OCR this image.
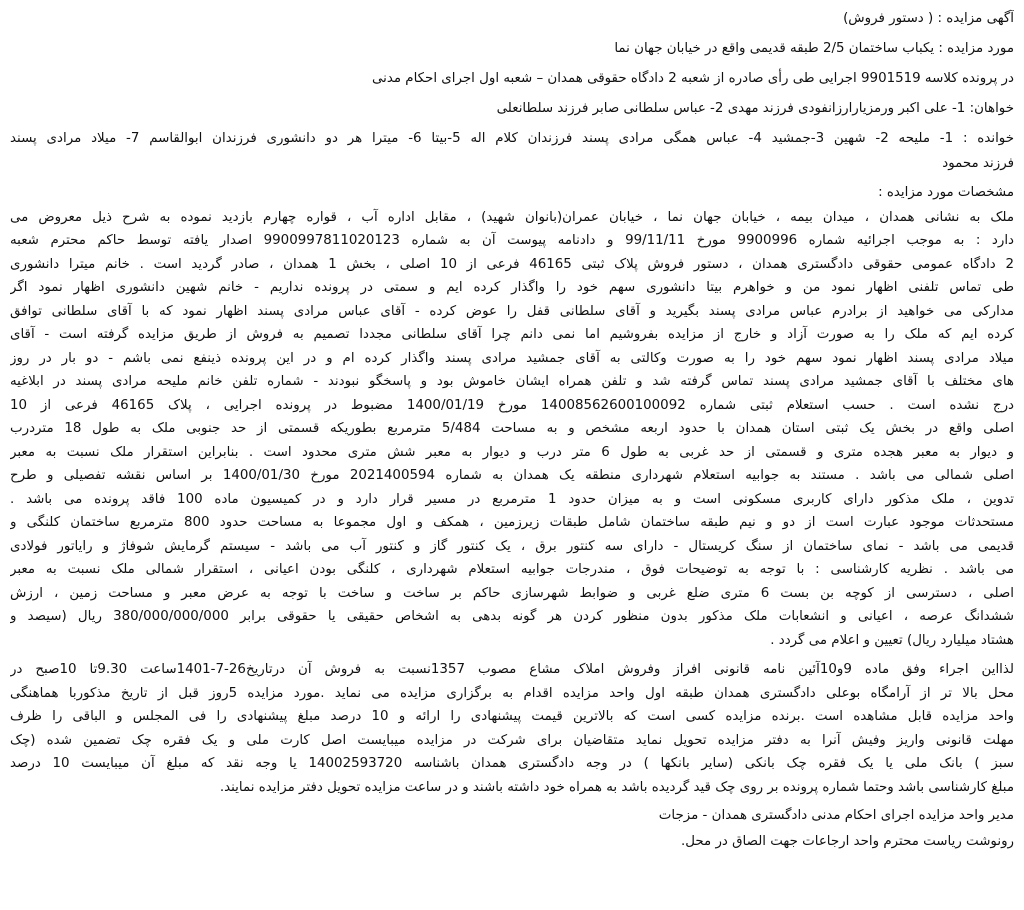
آگهی مزایده : ( دستور فروش)
مورد مزایده : یکباب ساختمان 2/5 طبقه قدیمی واقع در خیابان جهان نما
در پرونده کلاسه 9901519 اجرایی طی رأی صادره از شعبه 2 دادگاه حقوقی همدان – شعبه اول اجرای احکام مدنی
خواهان: 1- علی اکبر ورمزیارارزانفودی فرزند مهدی 2- عباس سلطانی صابر فرزند سلطانعلی
خوانده : 1- ملیحه 2- شهین 3-جمشید 4- عباس همگی مرادی پسند فرزندان کلام اله 5-بیتا 6- میترا هر دو دانشوری فرزندان ابوالقاسم 7- میلاد مرادی پسند
فرزند محمود
مشخصات مورد مزایده :
ملک به نشانی همدان ، میدان بیمه ، خیابان جهان نما ، خیابان عمران(بانوان شهید) ، مقابل اداره آب ، قواره چهارم بازدید نموده به شرح ذیل معروض می
دارد : به موجب اجرائیه شماره 9900996 مورخ 99/11/11 و دادنامه پیوست آن به شماره 9900997811020123 اصدار یافته توسط حاکم محترم شعبه
2 دادگاه عمومی حقوقی دادگستری همدان ، دستور فروش پلاک ثبتی 46165 فرعی از 10 اصلی ، بخش 1 همدان ، صادر گردید است . خانم میترا دانشوری
طی تماس تلفنی اظهار نمود من و خواهرم بیتا دانشوری سهم خود را واگذار کرده ایم و سمتی در پرونده نداریم - خانم شهین دانشوری اظهار نمود اگر
مدارکی می خواهید از برادرم عباس مرادی پسند بگیرید و آقای سلطانی قفل را عوض کرده - آقای عباس مرادی پسند اظهار نمود که با آقای سلطانی توافق
کرده ایم که ملک را به صورت آزاد و خارج از مزایده بفروشیم اما نمی دانم چرا آقای سلطانی مجددا تصمیم به فروش از طریق مزایده گرفته است - آقای
میلاد مرادی پسند اظهار نمود سهم خود را به صورت وکالتی به آقای جمشید مرادی پسند واگذار کرده ام و در این پرونده ذینفع نمی باشم - دو بار در روز
های مختلف با آقای جمشید مرادی پسند تماس گرفته شد و تلفن همراه ایشان خاموش بود و پاسخگو نبودند - شماره تلفن خانم ملیحه مرادی پسند در ابلاغیه
درج نشده است . حسب استعلام ثبتی شماره 14008562600100092 مورخ 1400/01/19 مضبوط در پرونده اجرایی ، پلاک 46165 فرعی از 10
اصلی واقع در بخش یک ثبتی استان همدان با حدود اربعه مشخص و به مساحت 5/484 مترمربع بطوریکه قسمتی از حد جنوبی ملک به طول 18 متردرب
و دیوار به معبر هجده متری و قسمتی از حد غربی به طول 6 متر درب و دیوار به معبر شش متری محدود است . بنابراین استقرار ملک نسبت به معبر
اصلی شمالی می باشد . مستند به جوابیه استعلام شهرداری منطقه یک همدان به شماره 2021400594 مورخ 1400/01/30 بر اساس نقشه تفصیلی و طرح
تدوین ، ملک مذکور دارای کاربری مسکونی است و به میزان حدود 1 مترمربع در مسیر قرار دارد و در کمیسیون ماده 100 فاقد پرونده می باشد .
مستحدثات موجود عبارت است از دو و نیم طبقه ساختمان شامل طبقات زیرزمین ، همکف و اول مجموعا به مساحت حدود 800 مترمربع ساختمان کلنگی و
قدیمی می باشد - نمای ساختمان از سنگ کریستال - دارای سه کنتور برق ، یک کنتور گاز و کنتور آب می باشد - سیستم گرمایش شوفاژ و رایاتور فولادی
می باشد . نظریه کارشناسی : با توجه به توضیحات فوق ، مندرجات جوابیه استعلام شهرداری ، کلنگی بودن اعیانی ، استقرار شمالی ملک نسبت به معبر
اصلی ، دسترسی از کوچه بن بست 6 متری ضلع غربی و ضوابط شهرسازی حاکم بر ساخت و ساخت با توجه به عرض معبر و مساحت زمین ، ارزش
ششدانگ عرصه ، اعیانی و انشعابات ملک مذکور بدون منظور کردن هر گونه بدهی به اشخاص حقیقی یا حقوقی برابر 380/000/000/000 ریال (سیصد و
هشتاد میلیارد ریال) تعیین و اعلام می گردد .
لذااین اجراء وفق ماده 9و10آئین نامه قانونی افراز وفروش املاک مشاع مصوب 1357نسبت به فروش آن درتاریخ26-7-1401ساعت 9.30تا 10صبح در
محل بالا تر از آرامگاه بوعلی دادگستری همدان طبقه اول واحد مزایده اقدام به برگزاری مزایده می نماید .مورد مزایده 5روز قبل از تاریخ مذکوربا هماهنگی
واحد مزایده قابل مشاهده است .برنده مزایده کسی است که بالاترین قیمت پیشنهادی را ارائه و 10 درصد مبلغ پیشنهادی را فی المجلس و الباقی را ظرف
مهلت قانونی واریز وفیش آنرا به دفتر مزایده تحویل نماید متقاضیان برای شرکت در مزایده میبایست اصل کارت ملی و یک فقره چک تضمین شده (چک
سبز ) بانک ملی یا یک فقره چک بانکی (سایر بانکها ) در وجه دادگستری همدان باشناسه 14002593720 یا وجه نقد که مبلغ آن میبایست 10 درصد
مبلغ کارشناسی باشد وحتما شماره پرونده بر روی چک قید گردیده باشد به همراه خود داشته باشند و در ساعت مزایده تحویل دفتر مزایده نمایند.
مدیر واحد مزایده اجرای احکام مدنی دادگستری همدان - مزجات
رونوشت ریاست محترم واحد ارجاعات جهت الصاق در محل.
